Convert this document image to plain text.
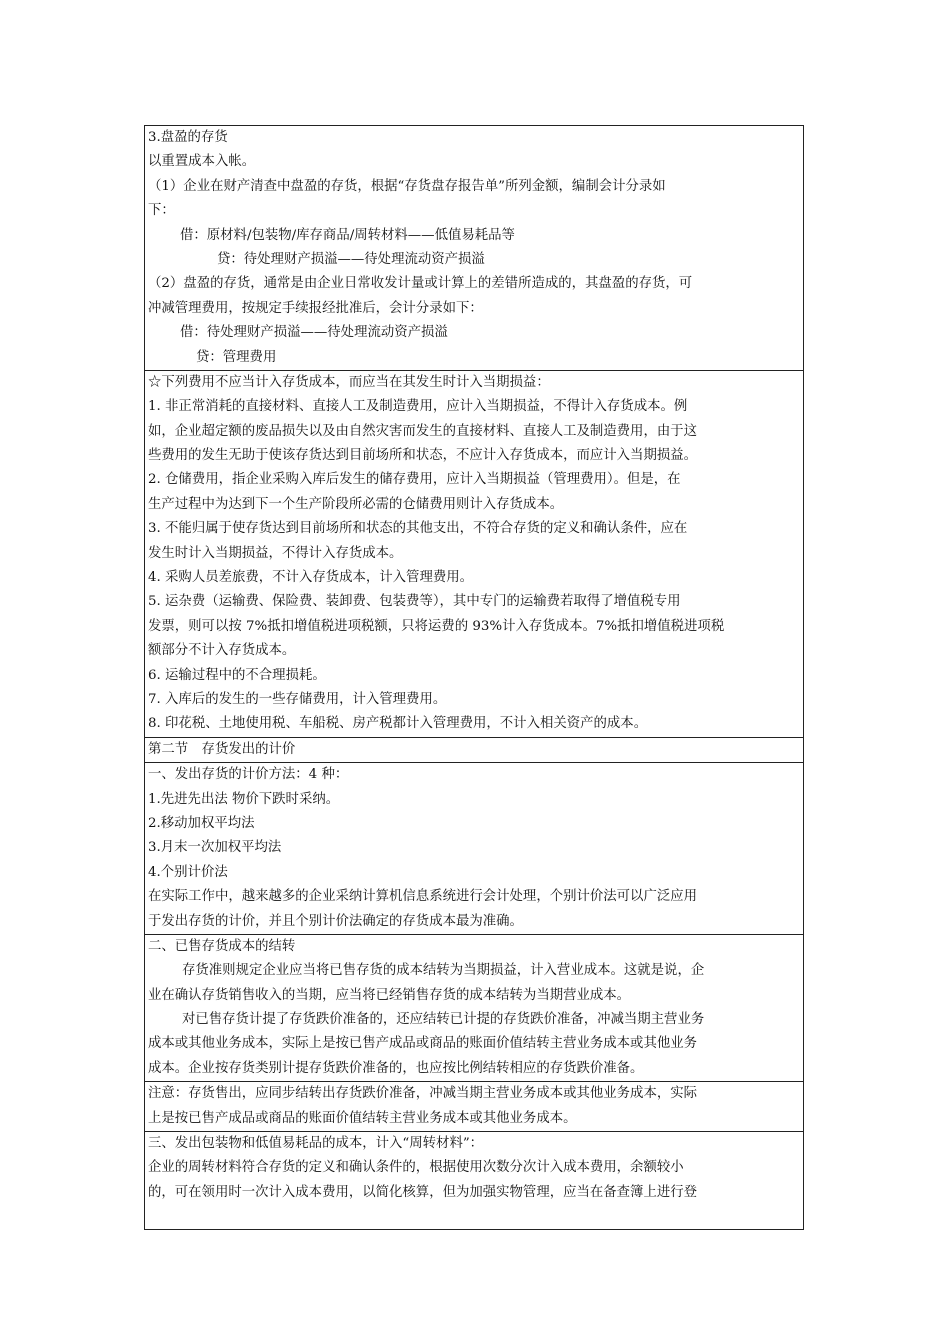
3.盘盈的存货
以重置成本入帐。
（1）企业在财产清查中盘盈的存货，根据“存货盘存报告单”所列金额，编制会计分录如
下：
借：原材料/包装物/库存商品/周转材料——低值易耗品等
贷：待处理财产损溢——待处理流动资产损溢
（2）盘盈的存货，通常是由企业日常收发计量或计算上的差错所造成的，其盘盈的存货，可
冲减管理费用，按规定手续报经批准后，会计分录如下：
借：待处理财产损溢——待处理流动资产损溢
贷：管理费用
☆下列费用不应当计入存货成本，而应当在其发生时计入当期损益：
1. 非正常消耗的直接材料、直接人工及制造费用，应计入当期损益，不得计入存货成本。例
如，企业超定额的废品损失以及由自然灾害而发生的直接材料、直接人工及制造费用，由于这
些费用的发生无助于使该存货达到目前场所和状态，不应计入存货成本，而应计入当期损益。
2. 仓储费用，指企业采购入库后发生的储存费用，应计入当期损益（管理费用）。但是，在
生产过程中为达到下一个生产阶段所必需的仓储费用则计入存货成本。
3. 不能归属于使存货达到目前场所和状态的其他支出，不符合存货的定义和确认条件，应在
发生时计入当期损益，不得计入存货成本。
4. 采购人员差旅费，不计入存货成本，计入管理费用。
5. 运杂费（运输费、保险费、装卸费、包装费等），其中专门的运输费若取得了增值税专用
发票，则可以按 7%抵扣增值税进项税额，只将运费的 93%计入存货成本。7%抵扣增值税进项税
额部分不计入存货成本。
6. 运输过程中的不合理损耗。
7. 入库后的发生的一些存储费用，计入管理费用。
8. 印花税、土地使用税、车船税、房产税都计入管理费用，不计入相关资产的成本。
第二节　存货发出的计价
一、发出存货的计价方法：4 种：
1.先进先出法 物价下跌时采纳。
2.移动加权平均法
3.月末一次加权平均法
4.个别计价法
在实际工作中，越来越多的企业采纳计算机信息系统进行会计处理，个别计价法可以广泛应用
于发出存货的计价，并且个别计价法确定的存货成本最为准确。
二、已售存货成本的结转
存货准则规定企业应当将已售存货的成本结转为当期损益，计入营业成本。这就是说，企
业在确认存货销售收入的当期，应当将已经销售存货的成本结转为当期营业成本。
对已售存货计提了存货跌价准备的，还应结转已计提的存货跌价准备，冲减当期主营业务
成本或其他业务成本，实际上是按已售产成品或商品的账面价值结转主营业务成本或其他业务
成本。企业按存货类别计提存货跌价准备的，也应按比例结转相应的存货跌价准备。
注意：存货售出，应同步结转出存货跌价准备，冲减当期主营业务成本或其他业务成本，实际
上是按已售产成品或商品的账面价值结转主营业务成本或其他业务成本。
三、发出包装物和低值易耗品的成本，计入“周转材料”：
企业的周转材料符合存货的定义和确认条件的，根据使用次数分次计入成本费用，余额较小
的，可在领用时一次计入成本费用，以简化核算，但为加强实物管理，应当在备查簿上进行登
